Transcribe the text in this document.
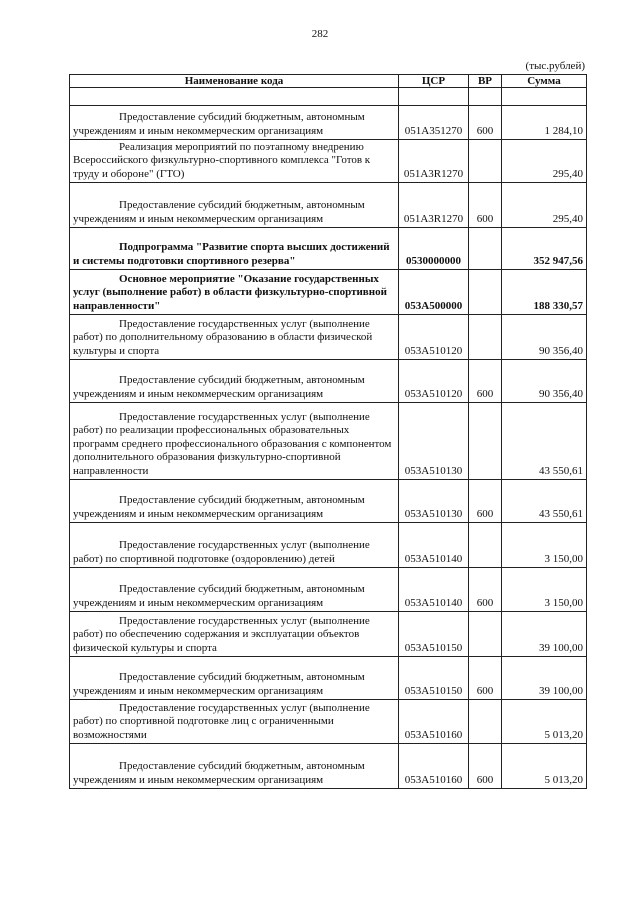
282
(тыс.рублей)
Наименование кода	ЦСР	ВР	Сумма

Предоставление субсидий бюджетным, автономным учреждениям и иным некоммерческим организациям	051A351270	600	1 284,10
Реализация мероприятий по поэтапному внедрению Всероссийского физкультурно-спортивного комплекса "Готов к труду и обороне" (ГТО)	051A3R1270		295,40
Предоставление субсидий бюджетным, автономным учреждениям и иным некоммерческим организациям	051A3R1270	600	295,40
Подпрограмма "Развитие спорта высших достижений и системы подготовки спортивного резерва"	0530000000		352 947,56
Основное мероприятие "Оказание государственных услуг (выполнение работ) в области физкультурно-спортивной направленности"	053А500000		188 330,57
Предоставление государственных услуг (выполнение работ) по дополнительному образованию в области физической культуры и спорта	053А510120		90 356,40
Предоставление субсидий бюджетным, автономным учреждениям и иным некоммерческим организациям	053А510120	600	90 356,40
Предоставление государственных услуг (выполнение работ) по реализации профессиональных образовательных программ среднего профессионального образования с компонентом дополнительного образования физкультурно-спортивной направленности	053А510130		43 550,61
Предоставление субсидий бюджетным, автономным учреждениям и иным некоммерческим организациям	053А510130	600	43 550,61
Предоставление государственных услуг (выполнение работ) по спортивной подготовке (оздоровлению) детей	053А510140		3 150,00
Предоставление субсидий бюджетным, автономным учреждениям и иным некоммерческим организациям	053А510140	600	3 150,00
Предоставление государственных услуг (выполнение работ) по обеспечению содержания и эксплуатации объектов физической культуры и спорта	053А510150		39 100,00
Предоставление субсидий бюджетным, автономным учреждениям и иным некоммерческим организациям	053А510150	600	39 100,00
Предоставление государственных услуг (выполнение работ) по спортивной подготовке лиц с ограниченными возможностями	053А510160		5 013,20
Предоставление субсидий бюджетным, автономным учреждениям и иным некоммерческим организациям	053А510160	600	5 013,20
